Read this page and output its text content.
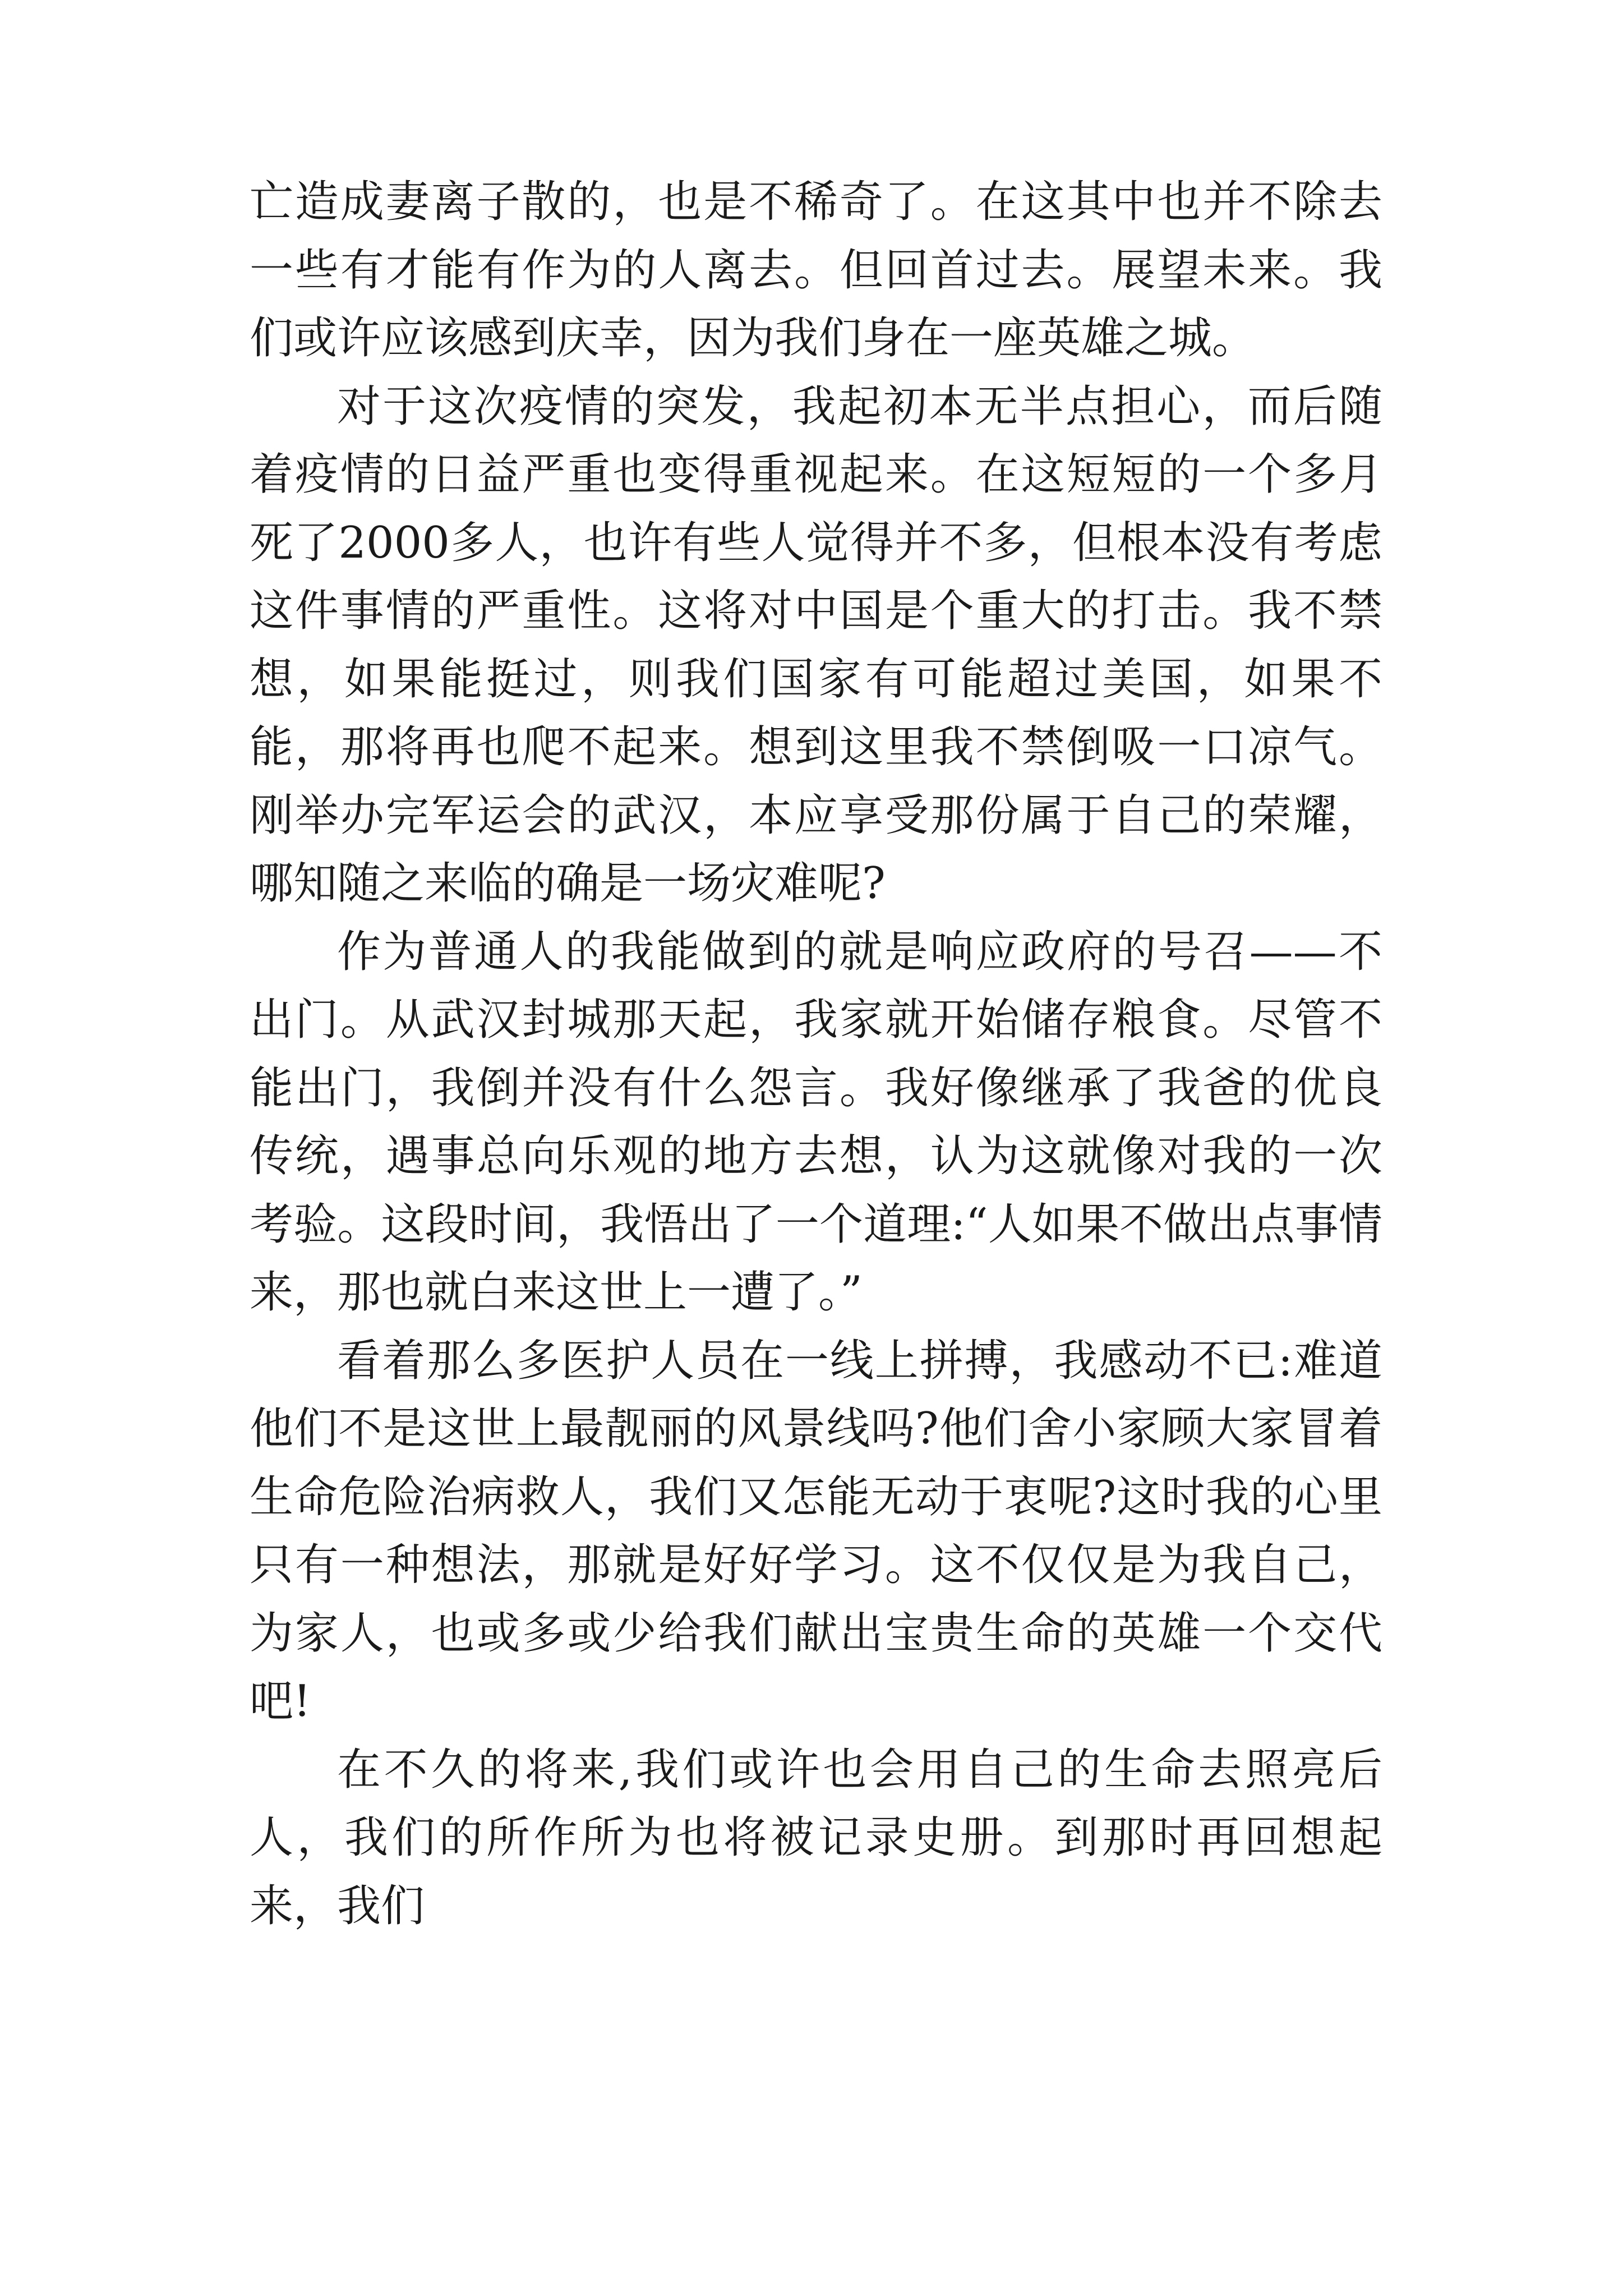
亡造成妻离子散的，也是不稀奇了。在这其中也并不除去一些有才能有作为的人离去。但回首过去。展望未来。我们或许应该感到庆幸，因为我们身在一座英雄之城。

对于这次疫情的突发，我起初本无半点担心，而后随着疫情的日益严重也变得重视起来。在这短短的一个多月死了2000多人，也许有些人觉得并不多，但根本没有考虑这件事情的严重性。这将对中国是个重大的打击。我不禁想，如果能挺过，则我们国家有可能超过美国，如果不能，那将再也爬不起来。想到这里我不禁倒吸一口凉气。刚举办完军运会的武汉，本应享受那份属于自己的荣耀，哪知随之来临的确是一场灾难呢?

作为普通人的我能做到的就是响应政府的号召——不出门。从武汉封城那天起，我家就开始储存粮食。尽管不能出门，我倒并没有什么怨言。我好像继承了我爸的优良传统，遇事总向乐观的地方去想，认为这就像对我的一次考验。这段时间，我悟出了一个道理:“人如果不做出点事情来，那也就白来这世上一遭了。”

看着那么多医护人员在一线上拼搏，我感动不已:难道他们不是这世上最靓丽的风景线吗?他们舍小家顾大家冒着生命危险治病救人，我们又怎能无动于衷呢?这时我的心里只有一种想法，那就是好好学习。这不仅仅是为我自己，为家人，也或多或少给我们献出宝贵生命的英雄一个交代吧!

在不久的将来,我们或许也会用自己的生命去照亮后人，我们的所作所为也将被记录史册。到那时再回想起来，我们
